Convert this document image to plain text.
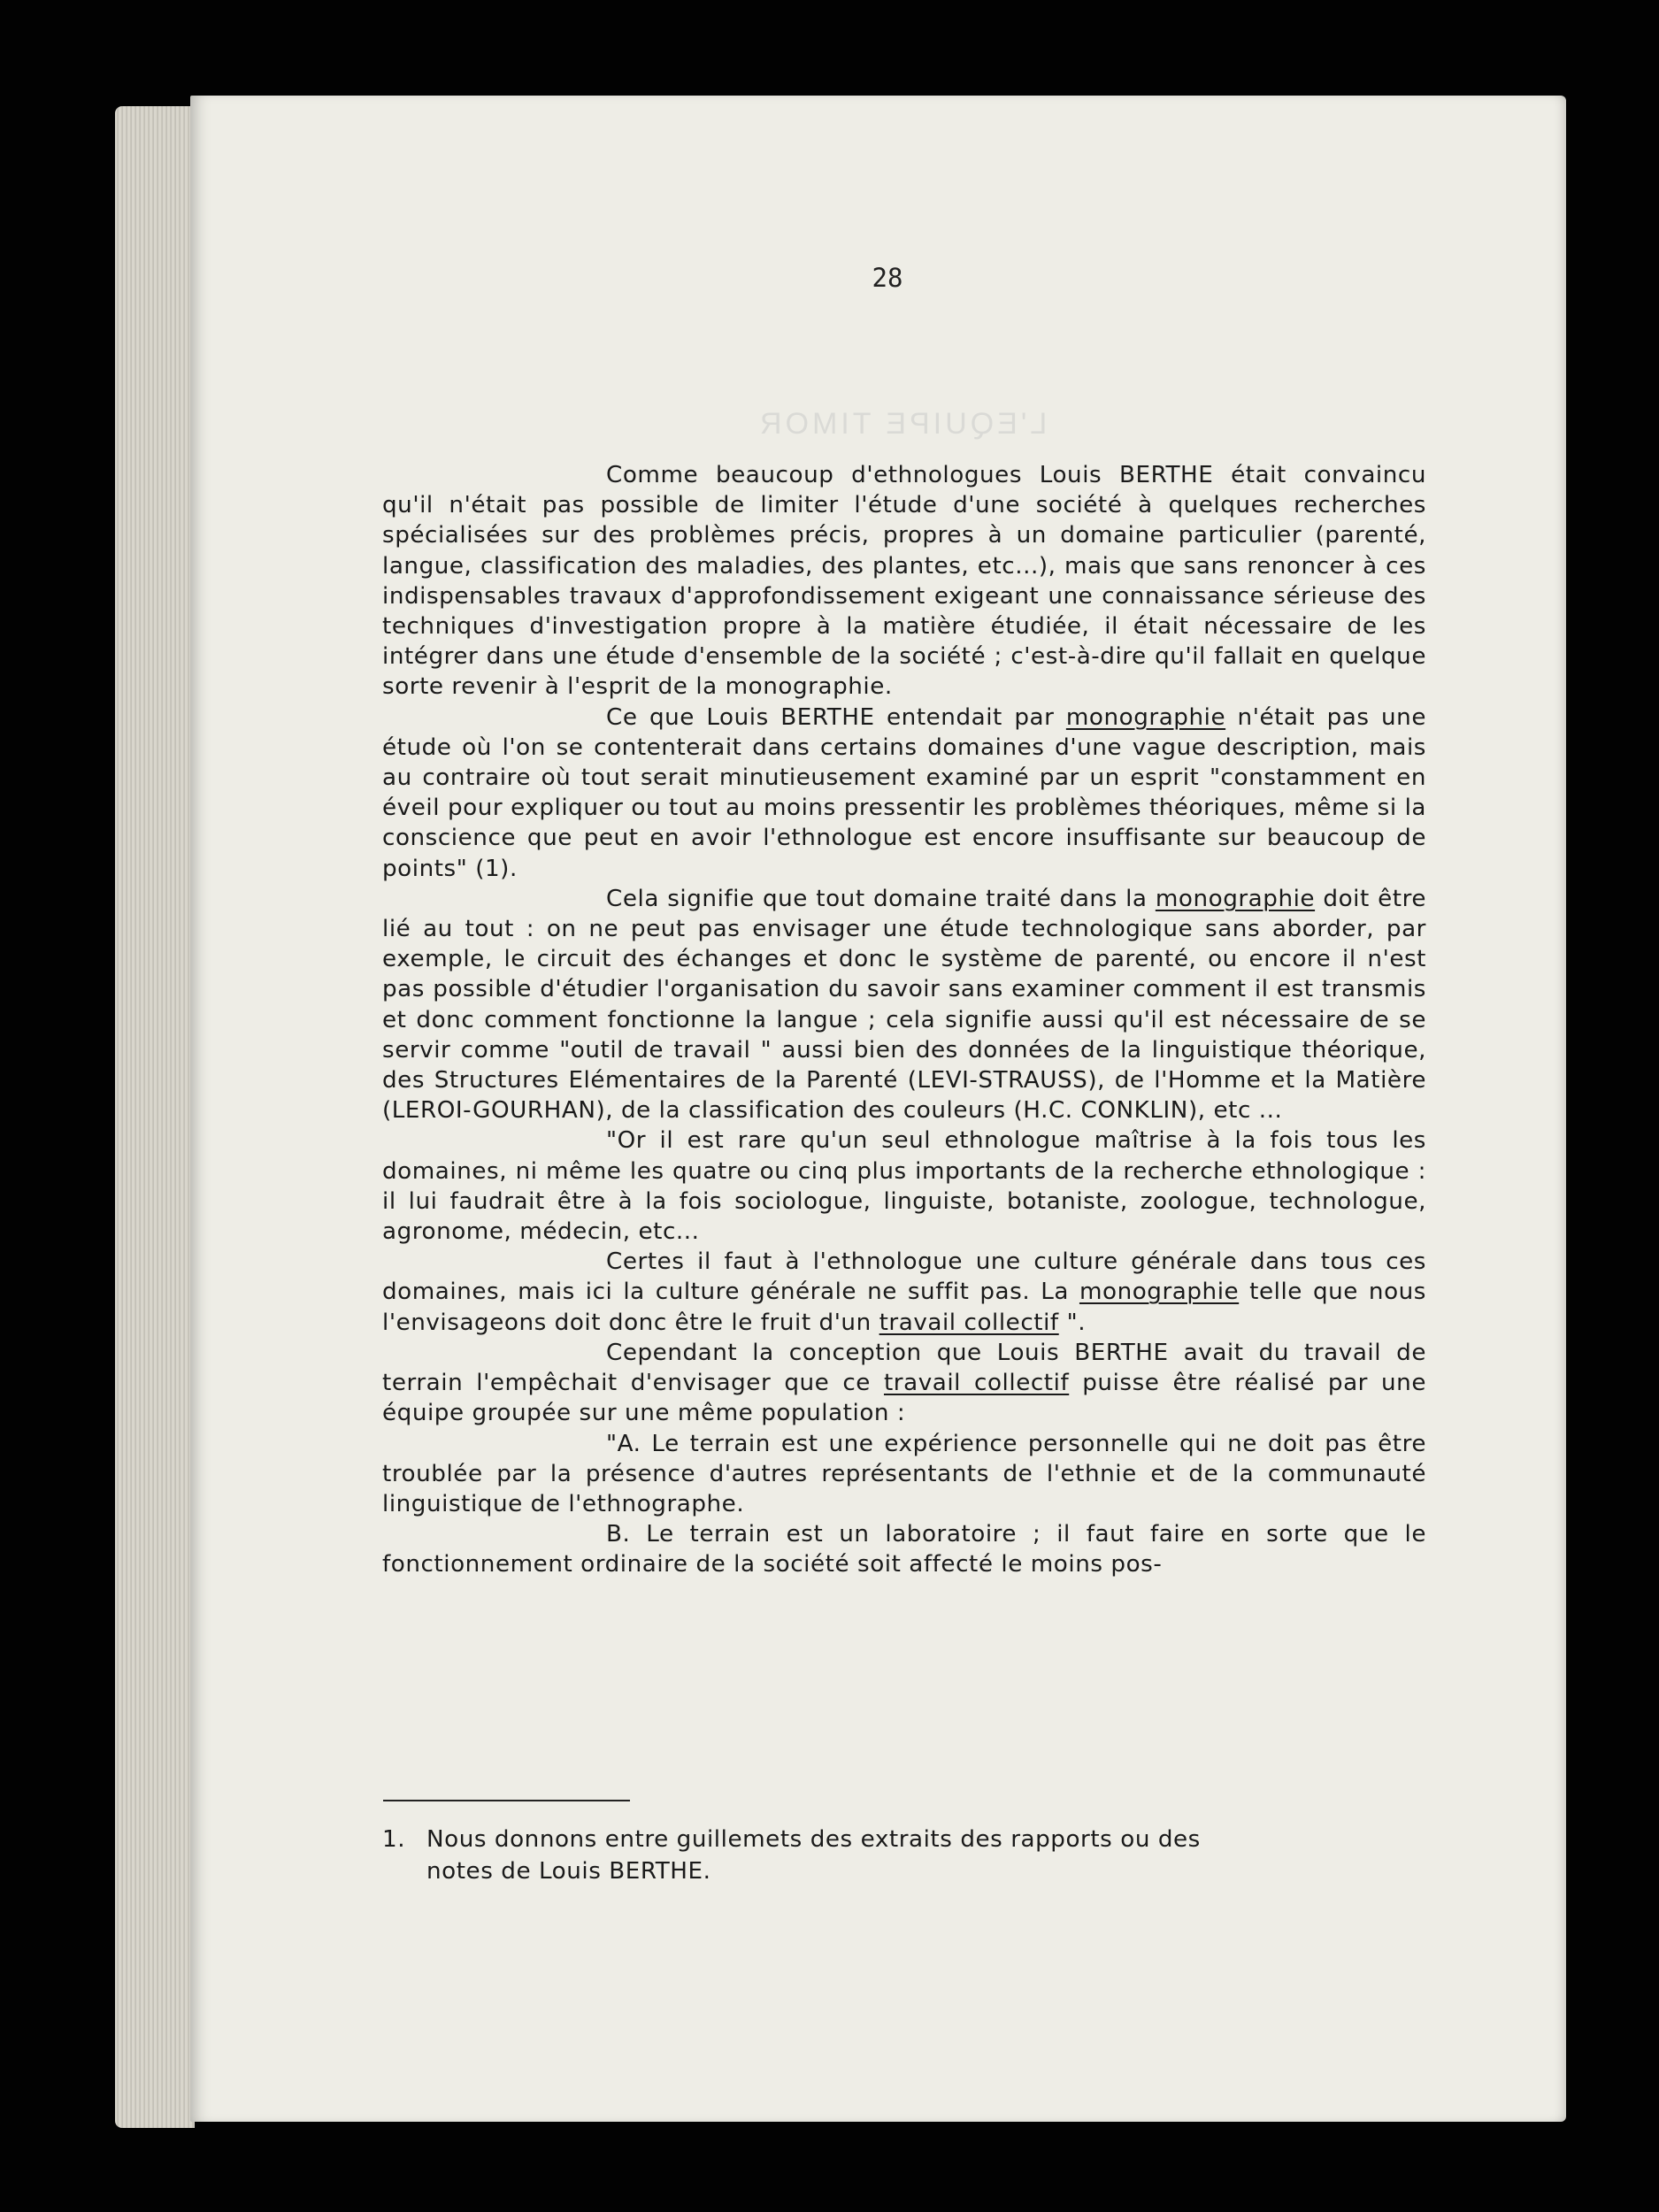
L'EQUIPE TIMOR
28

Comme beaucoup d'ethnologues Louis BERTHE était convaincu qu'il n'était pas possible de limiter l'étude d'une société à quelques recherches spécialisées sur des problèmes précis, propres à un domaine particulier (parenté, langue, classification des maladies, des plantes, etc...), mais que sans renoncer à ces indispensables travaux d'approfondissement exigeant une connaissance sérieuse des techniques d'investigation propre à la matière étudiée, il était nécessaire de les intégrer dans une étude d'ensemble de la société ; c'est-à-dire qu'il fallait en quelque sorte revenir à l'esprit de la monographie.

Ce que Louis BERTHE entendait par monographie n'était pas une étude où l'on se contenterait dans certains domaines d'une vague description, mais au contraire où tout serait minutieusement examiné par un esprit "constamment en éveil pour expliquer ou tout au moins pressentir les problèmes théoriques, même si la conscience que peut en avoir l'ethnologue est encore insuffisante sur beaucoup de points" (1).

Cela signifie que tout domaine traité dans la monographie doit être lié au tout : on ne peut pas envisager une étude technologique sans aborder, par exemple, le circuit des échanges et donc le système de parenté, ou encore il n'est pas possible d'étudier l'organisation du savoir sans examiner comment il est transmis et donc comment fonctionne la langue ; cela signifie aussi qu'il est nécessaire de se servir comme "outil de travail " aussi bien des données de la linguistique théorique, des Structures Elémentaires de la Parenté (LEVI-STRAUSS), de l'Homme et la Matière (LEROI-GOURHAN), de la classification des couleurs (H.C. CONKLIN), etc ...

"Or il est rare qu'un seul ethnologue maîtrise à la fois tous les domaines, ni même les quatre ou cinq plus importants de la recherche ethnologique : il lui faudrait être à la fois sociologue, linguiste, botaniste, zoologue, technologue, agronome, médecin, etc...

Certes il faut à l'ethnologue une culture générale dans tous ces domaines, mais ici la culture générale ne suffit pas. La monographie telle que nous l'envisageons doit donc être le fruit d'un travail collectif ".

Cependant la conception que Louis BERTHE avait du travail de terrain l'empêchait d'envisager que ce travail collectif puisse être réalisé par une équipe groupée sur une même population :

"A. Le terrain est une expérience personnelle qui ne doit pas être troublée par la présence d'autres représentants de l'ethnie et de la communauté linguistique de l'ethnographe.

B. Le terrain est un laboratoire ; il faut faire en sorte que le fonctionnement ordinaire de la société soit affecté le moins pos-

1. Nous donnons entre guillemets des extraits des rapports ou des
notes de Louis BERTHE.
